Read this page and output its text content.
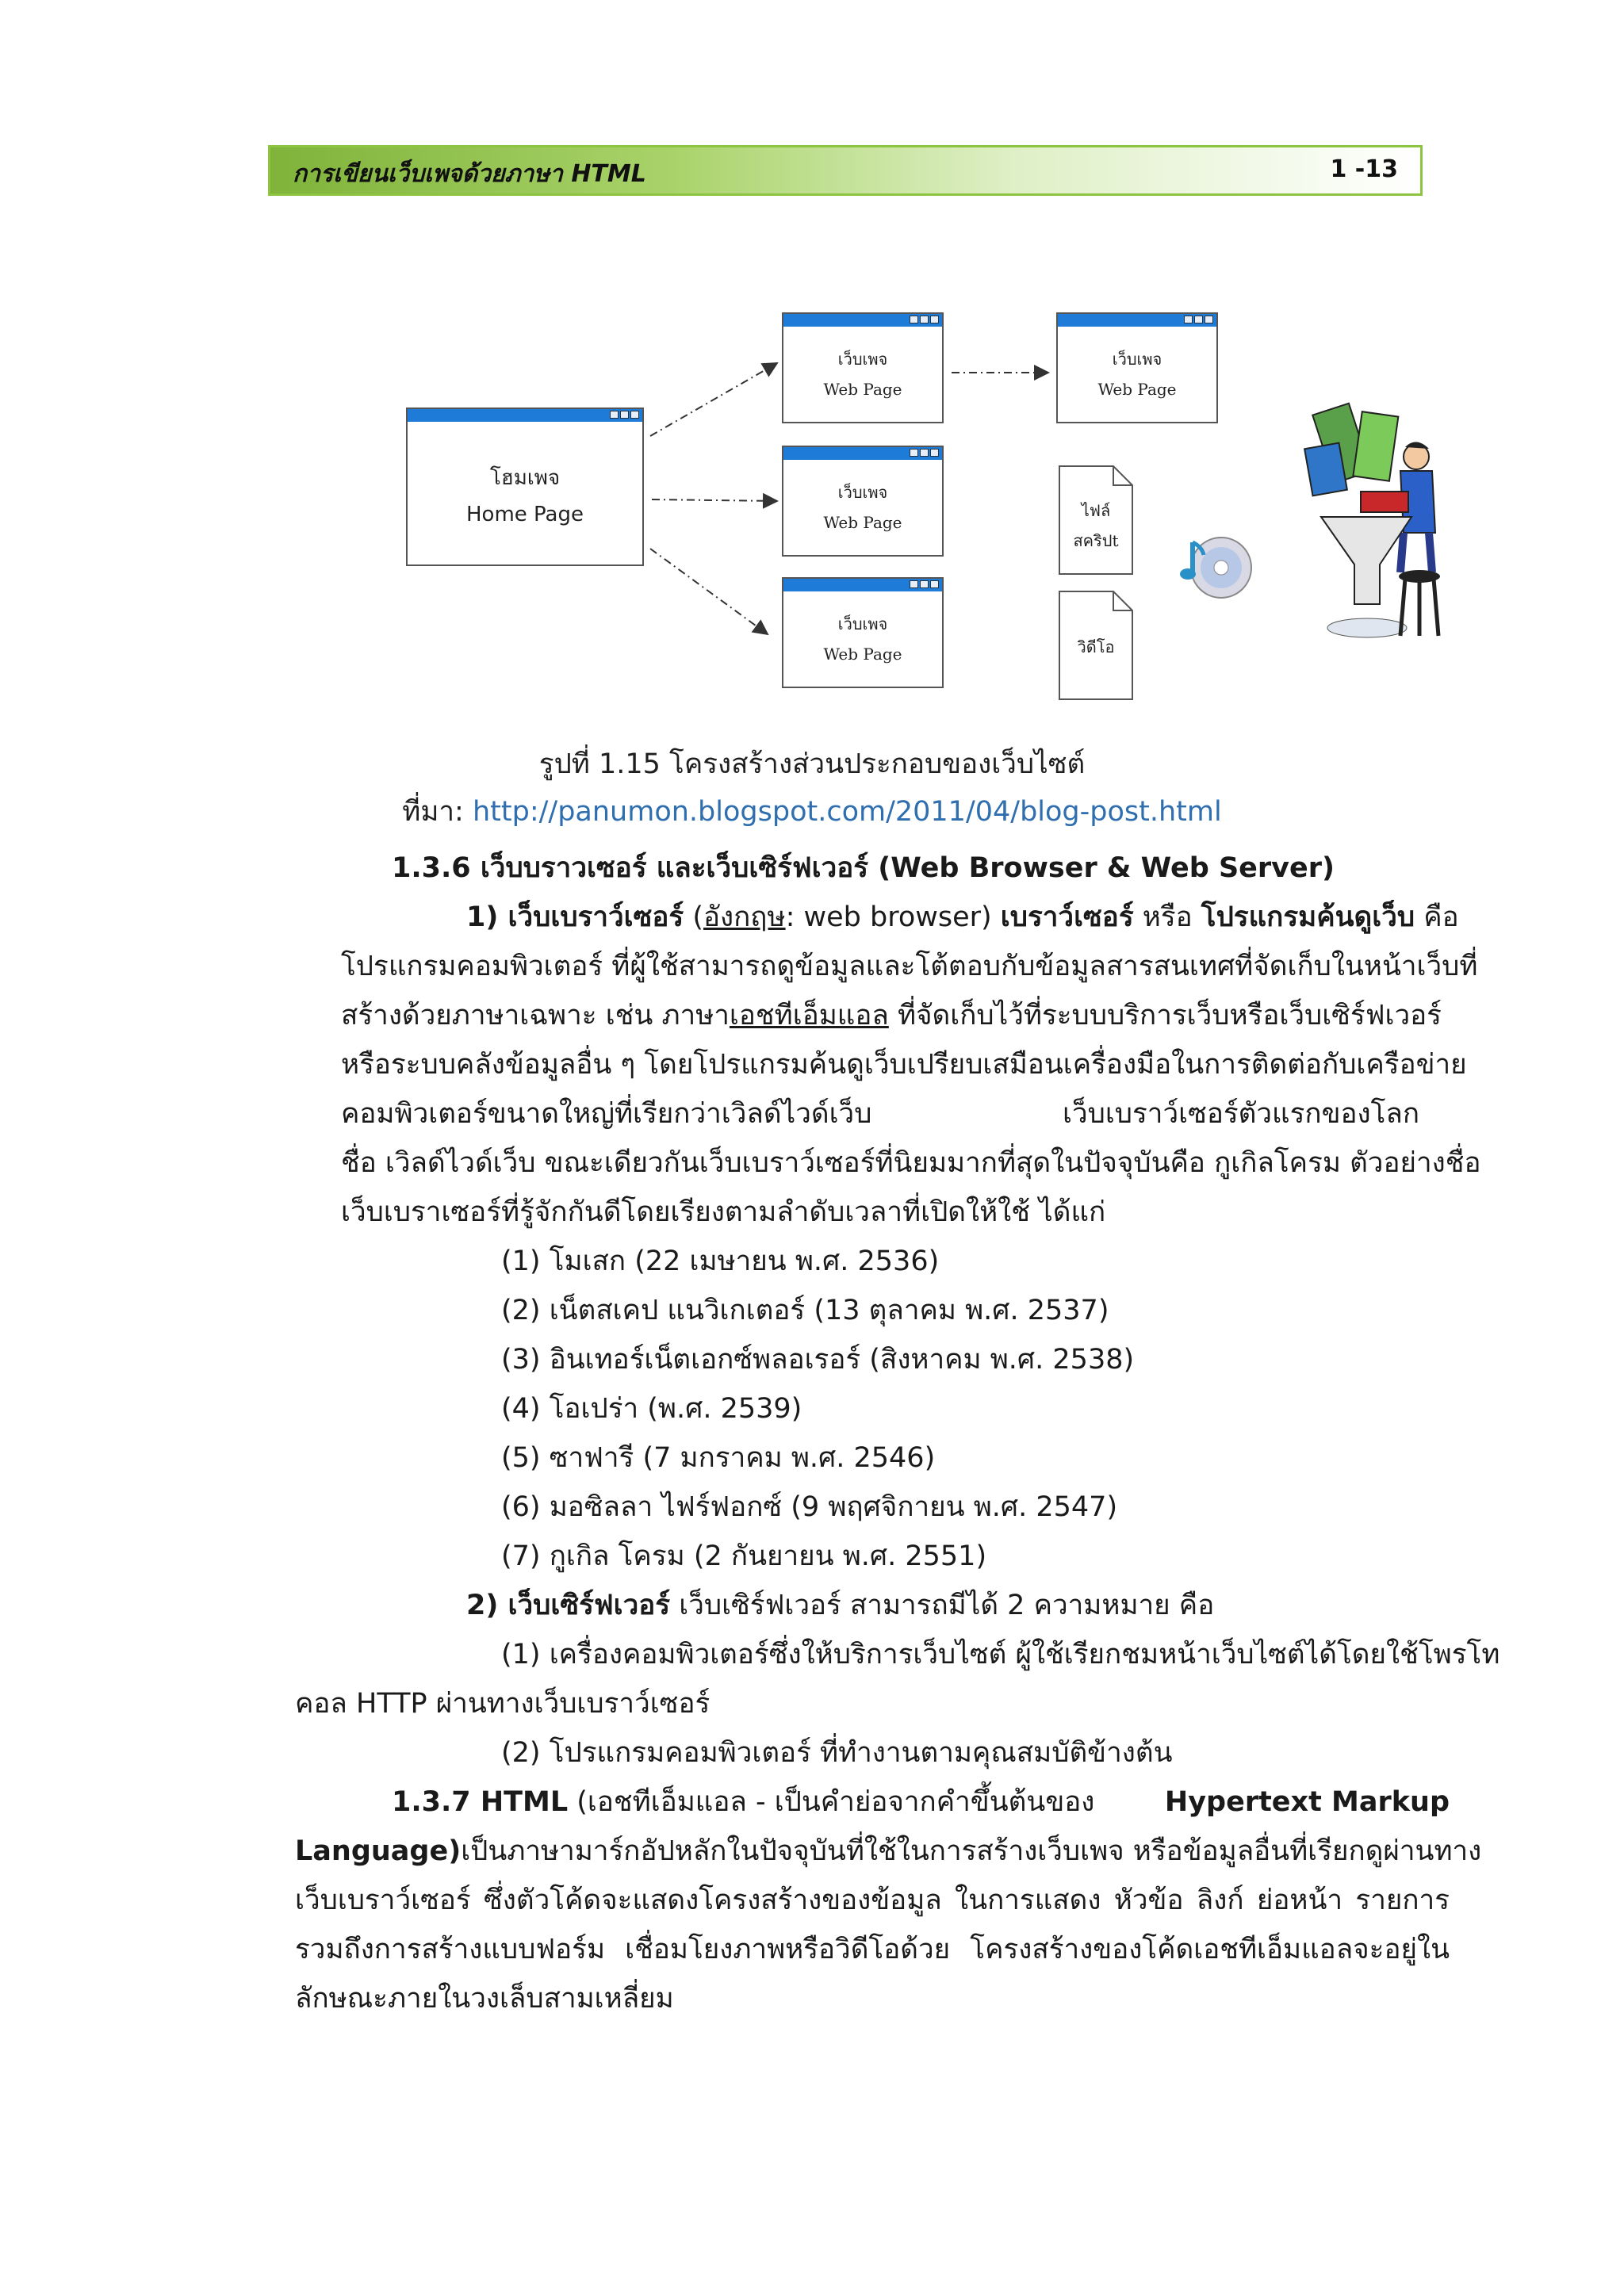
การเขียนเว็บเพจด้วยภาษา HTML	1 -13
โฮมเพจ
Home Page
เว็บเพจ
Web Page
เว็บเพจ
Web Page
เว็บเพจ
Web Page
เว็บเพจ
Web Page
ไฟล์
สคริปt
วิดีโอ
รูปที่ 1.15 โครงสร้างส่วนประกอบของเว็บไซต์
ที่มา: http://panumon.blogspot.com/2011/04/blog-post.html
1.3.6 เว็บบราวเซอร์ และเว็บเซิร์ฟเวอร์ (Web Browser & Web Server)
1) เว็บเบราว์เซอร์ (อังกฤษ: web browser) เบราว์เซอร์ หรือ โปรแกรมค้นดูเว็บ คือ
โปรแกรมคอมพิวเตอร์ ที่ผู้ใช้สามารถดูข้อมูลและโต้ตอบกับข้อมูลสารสนเทศที่จัดเก็บในหน้าเว็บที่
สร้างด้วยภาษาเฉพาะ เช่น ภาษาเอชทีเอ็มแอล ที่จัดเก็บไว้ที่ระบบบริการเว็บหรือเว็บเซิร์ฟเวอร์
หรือระบบคลังข้อมูลอื่น ๆ โดยโปรแกรมค้นดูเว็บเปรียบเสมือนเครื่องมือในการติดต่อกับเครือข่าย
คอมพิวเตอร์ขนาดใหญ่ที่เรียกว่าเวิลด์ไวด์เว็บ	เว็บเบราว์เซอร์ตัวแรกของโลก
ชื่อ เวิลด์ไวด์เว็บ ขณะเดียวกันเว็บเบราว์เซอร์ที่นิยมมากที่สุดในปัจจุบันคือ กูเกิลโครม ตัวอย่างชื่อ
เว็บเบราเซอร์ที่รู้จักกันดีโดยเรียงตามลำดับเวลาที่เปิดให้ใช้ ได้แก่
(1) โมเสก (22 เมษายน พ.ศ. 2536)
(2) เน็ตสเคป แนวิเกเตอร์ (13 ตุลาคม พ.ศ. 2537)
(3) อินเทอร์เน็ตเอกซ์พลอเรอร์ (สิงหาคม พ.ศ. 2538)
(4) โอเปร่า (พ.ศ. 2539)
(5) ซาฟารี (7 มกราคม พ.ศ. 2546)
(6) มอซิลลา ไฟร์ฟอกซ์ (9 พฤศจิกายน พ.ศ. 2547)
(7) กูเกิล โครม (2 กันยายน พ.ศ. 2551)
2) เว็บเซิร์ฟเวอร์ เว็บเซิร์ฟเวอร์ สามารถมีได้ 2 ความหมาย คือ
(1) เครื่องคอมพิวเตอร์ซึ่งให้บริการเว็บไซต์ ผู้ใช้เรียกชมหน้าเว็บไซต์ได้โดยใช้โพรโท
คอล HTTP ผ่านทางเว็บเบราว์เซอร์
(2) โปรแกรมคอมพิวเตอร์ ที่ทำงานตามคุณสมบัติข้างต้น
1.3.7 HTML (เอชทีเอ็มแอล - เป็นคำย่อจากคำขึ้นต้นของ	Hypertext Markup
Language) เป็นภาษามาร์กอัปหลักในปัจจุบันที่ใช้ในการสร้างเว็บเพจ หรือข้อมูลอื่นที่เรียกดูผ่านทาง
เว็บเบราว์เซอร์ ซึ่งตัวโค้ดจะแสดงโครงสร้างของข้อมูล ในการแสดง หัวข้อ ลิงก์ ย่อหน้า รายการ
รวมถึงการสร้างแบบฟอร์ม เชื่อมโยงภาพหรือวิดีโอด้วย โครงสร้างของโค้ดเอชทีเอ็มแอลจะอยู่ใน
ลักษณะภายในวงเล็บสามเหลี่ยม
